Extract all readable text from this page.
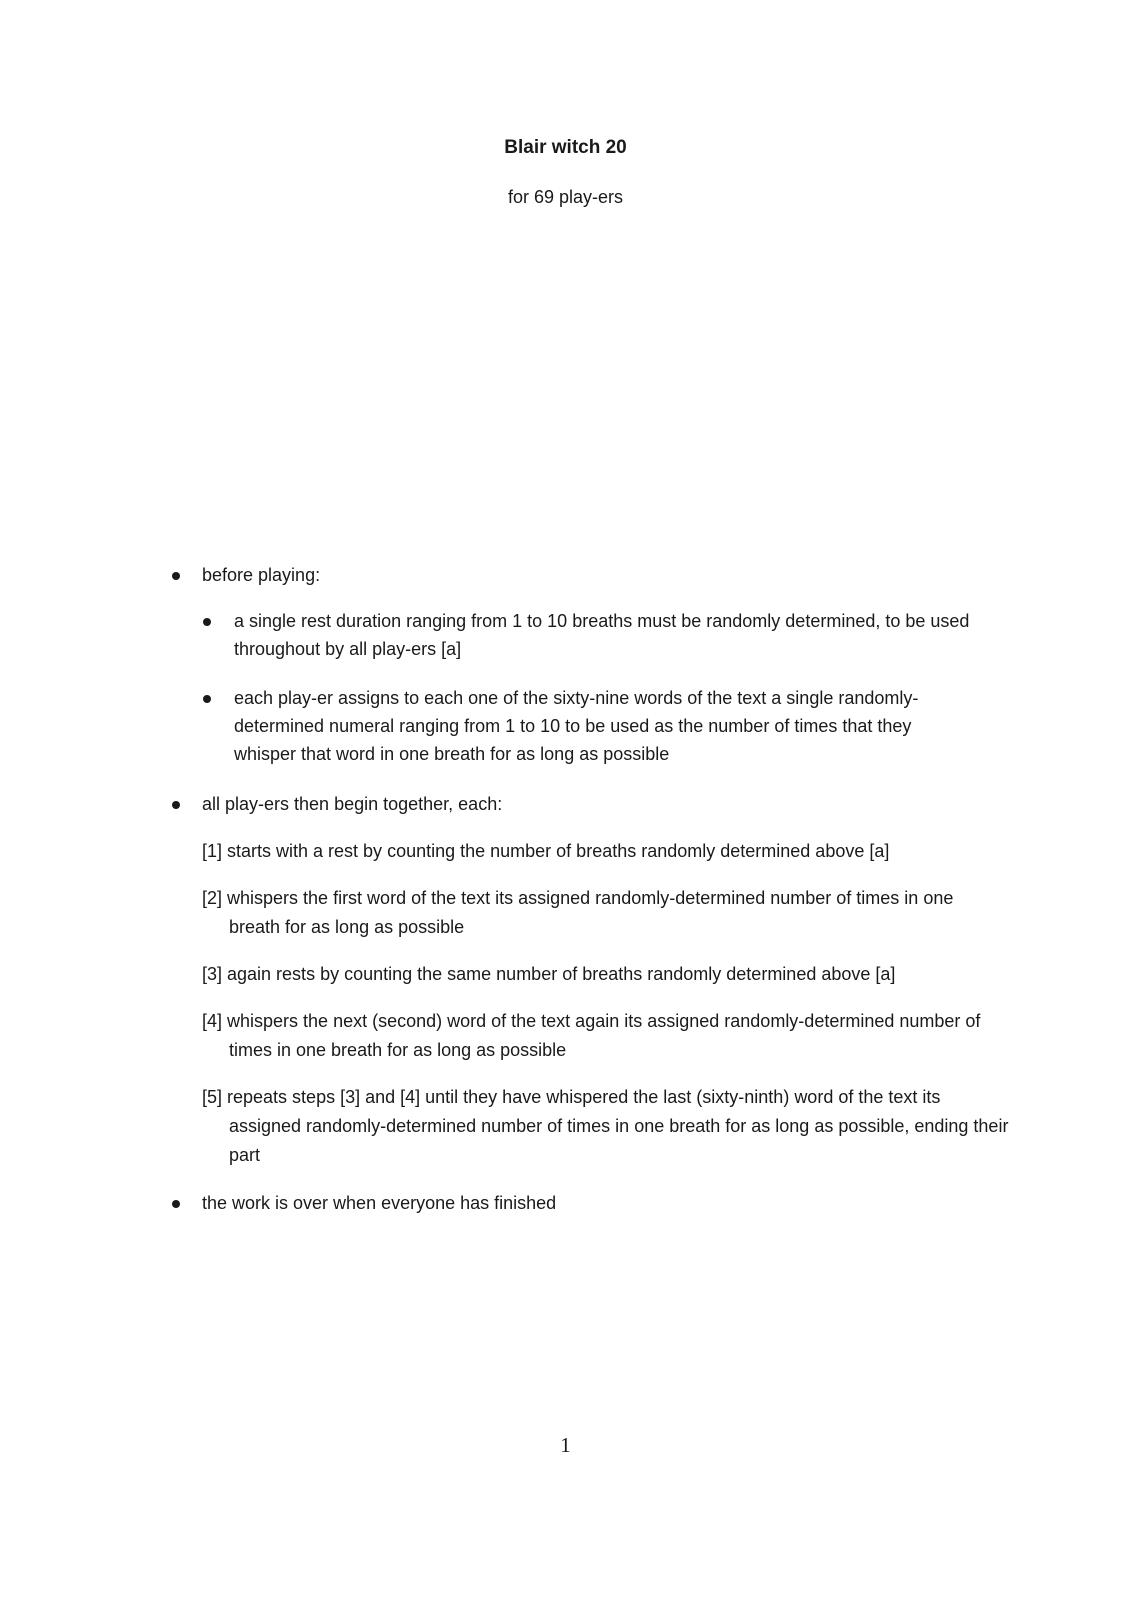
Blair witch 20
for 69 play-ers
before playing:
a single rest duration ranging from 1 to 10 breaths must be randomly determined, to be used throughout by all play-ers [a]
each play-er assigns to each one of the sixty-nine words of the text a single randomly-determined numeral ranging from 1 to 10 to be used as the number of times that they whisper that word in one breath for as long as possible
all play-ers then begin together, each:
[1] starts with a rest by counting the number of breaths randomly determined above [a]
[2] whispers the first word of the text its assigned randomly-determined number of times in one breath for as long as possible
[3] again rests by counting the same number of breaths randomly determined above [a]
[4] whispers the next (second) word of the text again its assigned randomly-determined number of times in one breath for as long as possible
[5] repeats steps [3] and [4] until they have whispered the last (sixty-ninth) word of the text its assigned randomly-determined number of times in one breath for as long as possible, ending their part
the work is over when everyone has finished
1
